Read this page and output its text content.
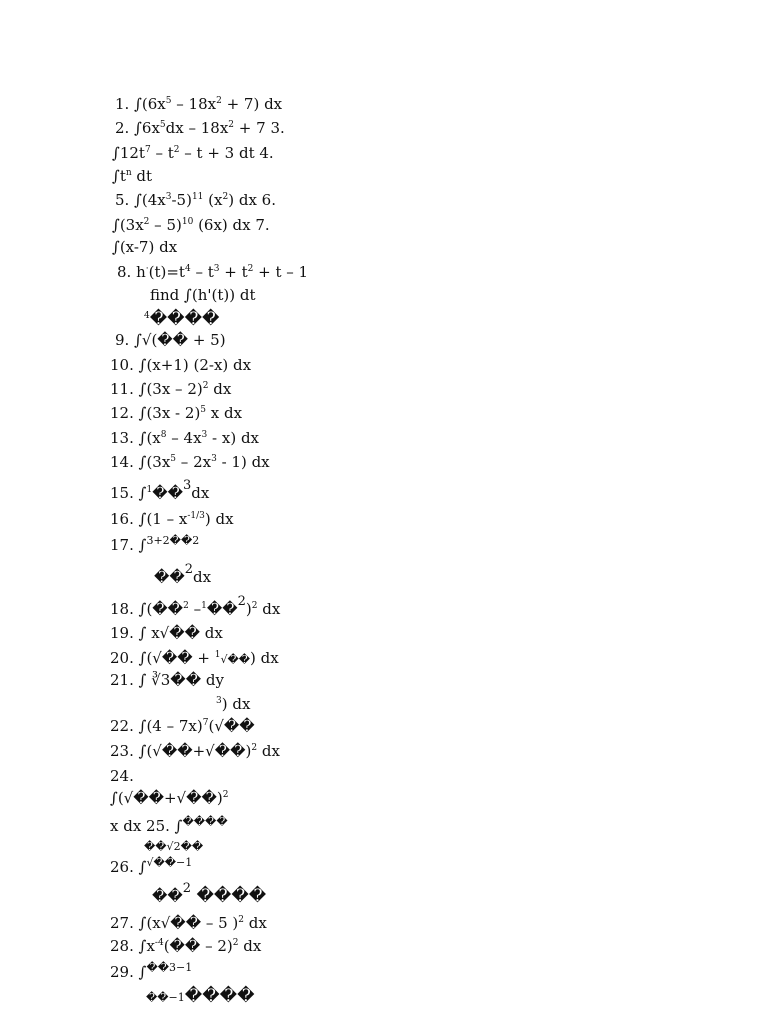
1. $\int(6x^5 - 18x^2 + 7)$ dx
2. $\int 6x^5dx - 18x^2 + 7$ 3.
$\int 12t^7 - t^2 - t + 3$ dt 4.
$\int t^n$ dt
5. $\int(4x^3-5)^{11}$ $(x^2)$ dx 6.
$\int(3x^2 - 5)^{10}$ (6x) dx 7.
∫(x-7) dx
8. $h^\cdot(t)=t^4 - t^3 + t^2 + t - 1$
find ∫(h'(t)) dt
$^4$����
9. ∫√(�� + 5)
10. ∫(x+1) (2-x) dx
11. ∫(3x – 2)$^2$ dx
12. ∫(3x - 2)$^5$ x dx
13. $\int(x^8 - 4x^3 - x)$ dx
14. $\int(3x^5 - 2x^3 - 1)$ dx
15. ∫$^1$��$^3$dx
16. $\int(1 - x^{-1/3})$ dx
17. ∫$^{3+2��2}$
��$^2$dx
18. ∫(��$^2$ –$^1$��$^2$)$^2$ dx
19. ∫ x√�� dx
20. ∫(√�� + $^1$√��) dx
21. ∫ ∛3�� dy
$^3$) dx
22. ∫(4 – 7x)$^7$(√��
23. ∫(√��+√��)$^2$ dx
24.
∫(√��+√��)$^2$
x dx 25. ∫����
��√2��
26. ∫$^{√��-1}$
��$^2$ ����
27. ∫(x√�� – 5 )$^2$ dx
28. $\int x^{-4}(�� - 2)^2$ dx
29. ∫$^{��3-1}$
��−1����
